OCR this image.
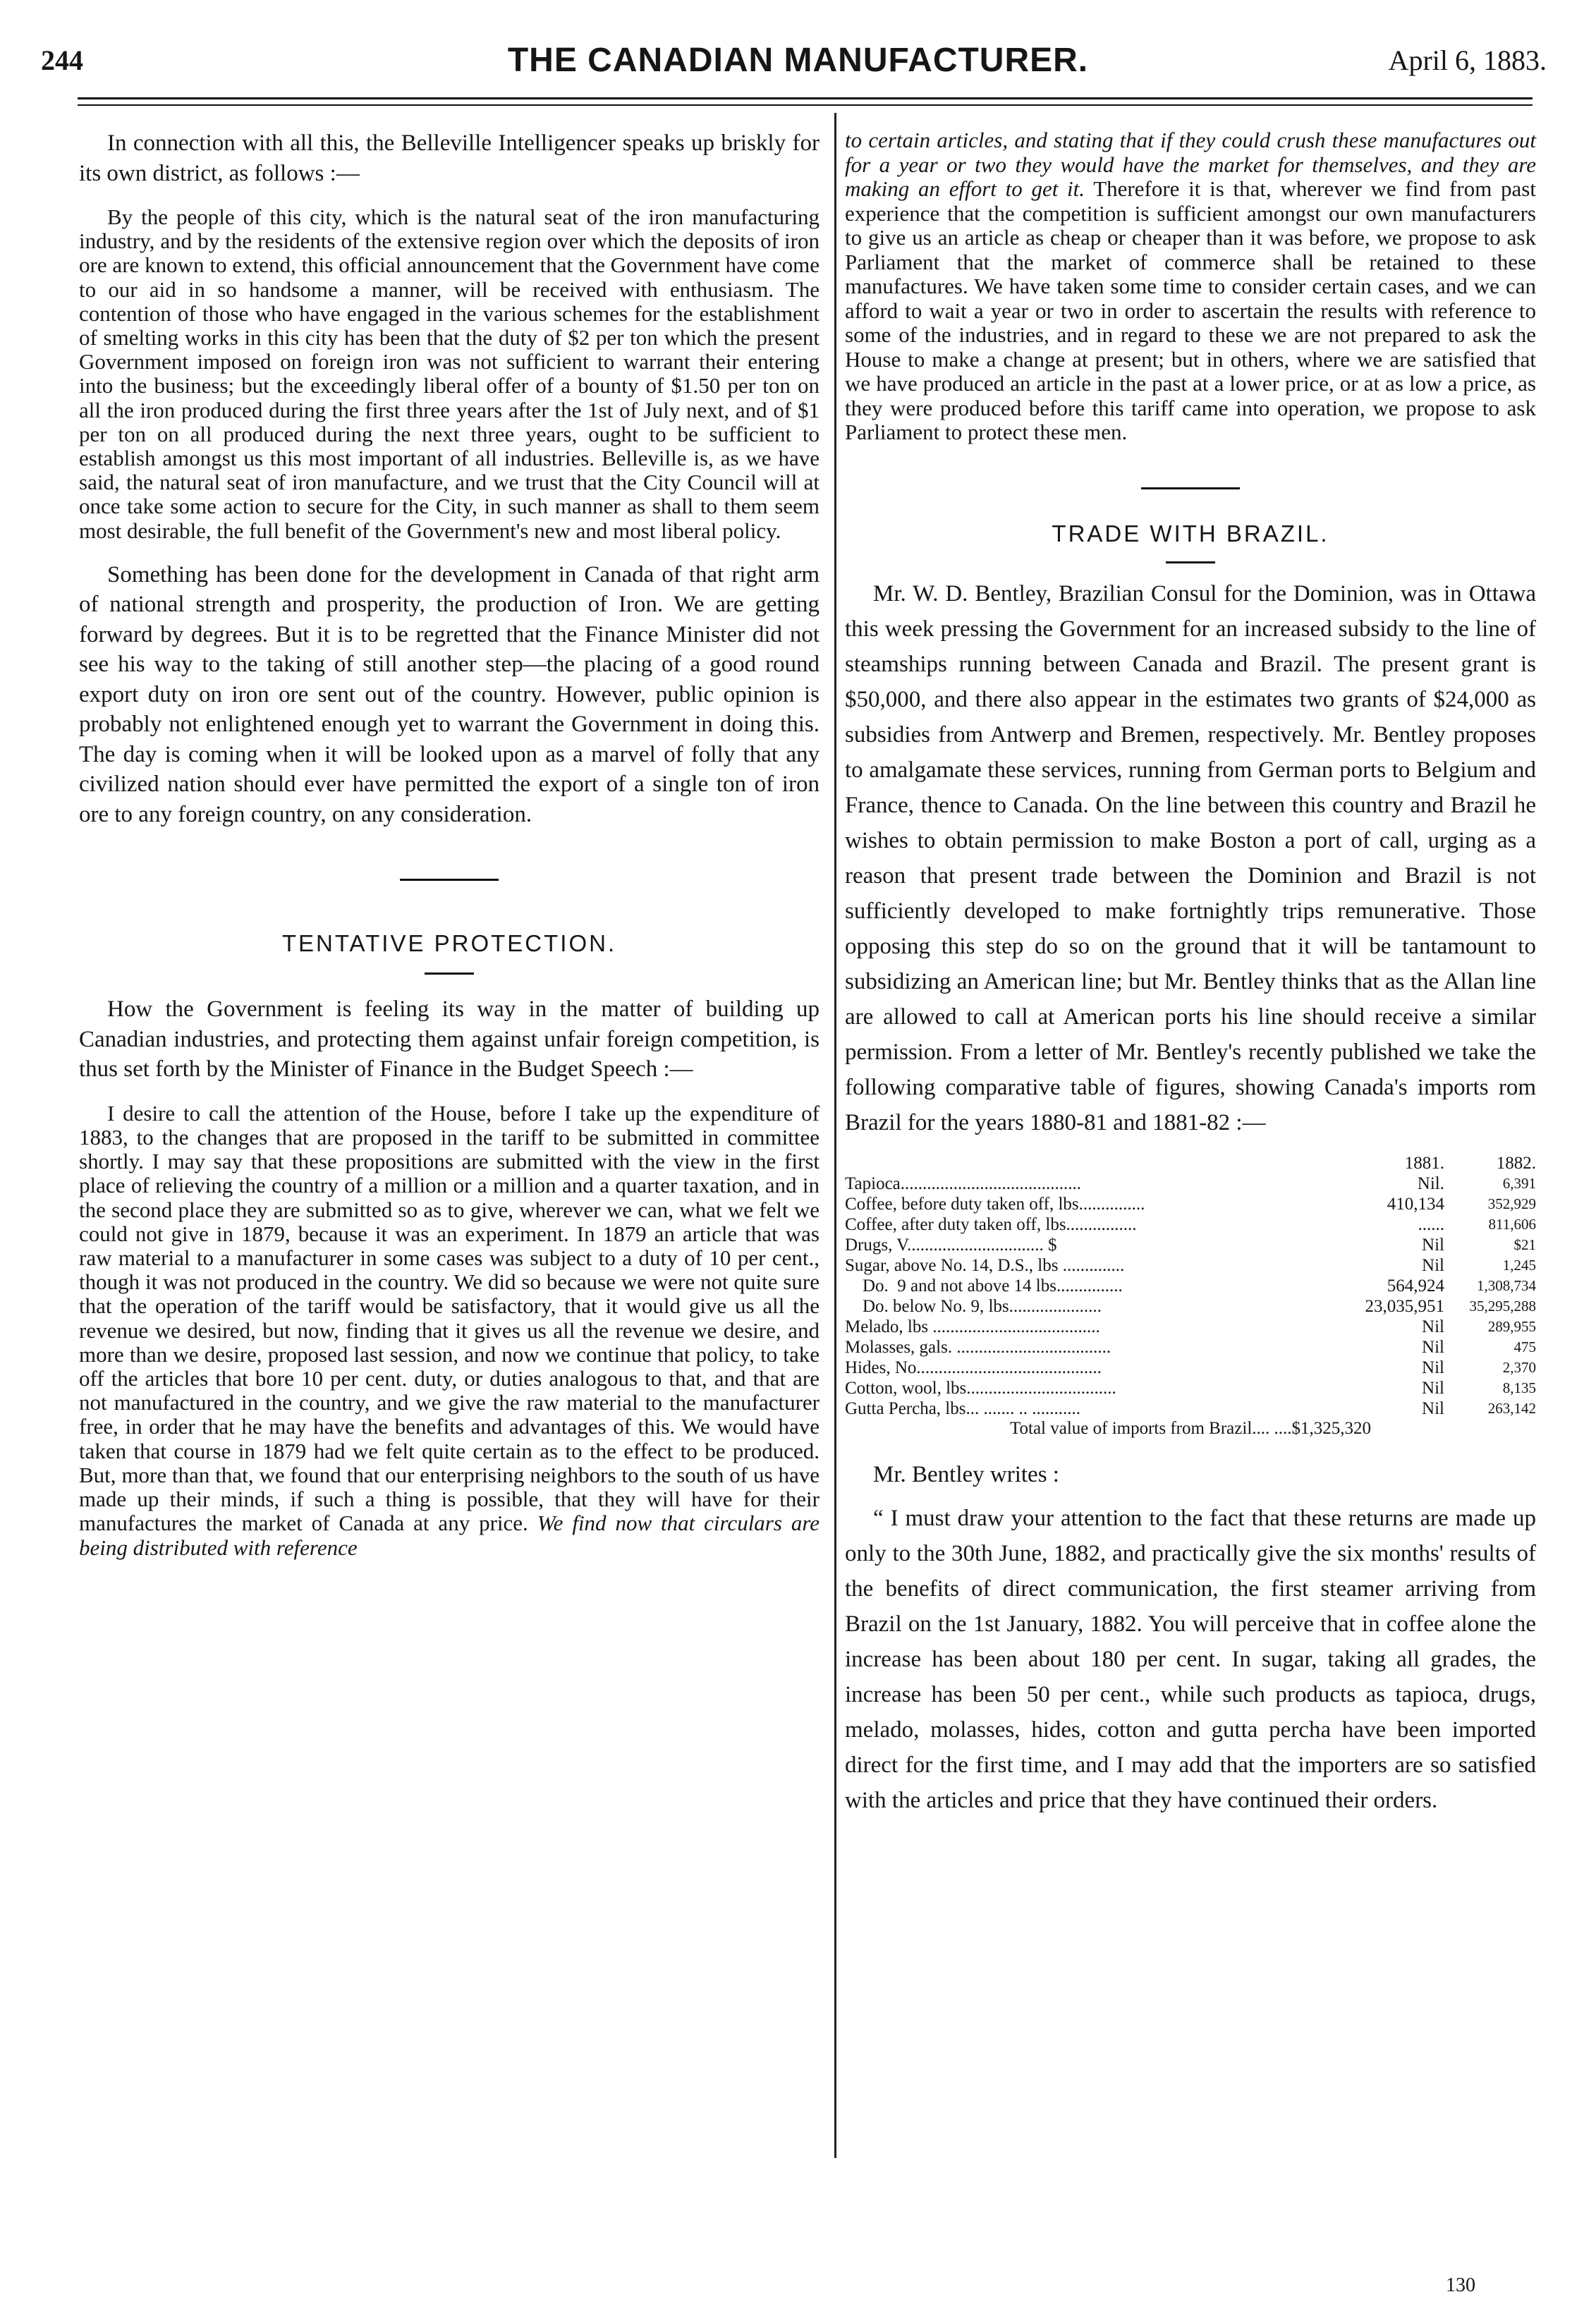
244	THE CANADIAN MANUFACTURER.	April 6, 1883.

In connection with all this, the Belleville Intelligencer speaks up briskly for its own district, as follows :—

By the people of this city, which is the natural seat of the iron manufacturing industry, and by the residents of the extensive region over which the deposits of iron ore are known to extend, this official announcement that the Government have come to our aid in so handsome a manner, will be received with enthusiasm. The contention of those who have engaged in the various schemes for the establishment of smelting works in this city has been that the duty of $2 per ton which the present Government imposed on foreign iron was not sufficient to warrant their entering into the business; but the exceedingly liberal offer of a bounty of $1.50 per ton on all the iron produced during the first three years after the 1st of July next, and of $1 per ton on all produced during the next three years, ought to be sufficient to establish amongst us this most important of all industries. Belleville is, as we have said, the natural seat of iron manufacture, and we trust that the City Council will at once take some action to secure for the City, in such manner as shall to them seem most desirable, the full benefit of the Government's new and most liberal policy.

Something has been done for the development in Canada of that right arm of national strength and prosperity, the production of Iron. We are getting forward by degrees. But it is to be regretted that the Finance Minister did not see his way to the taking of still another step—the placing of a good round export duty on iron ore sent out of the country. However, public opinion is probably not enlightened enough yet to warrant the Government in doing this. The day is coming when it will be looked upon as a marvel of folly that any civilized nation should ever have permitted the export of a single ton of iron ore to any foreign country, on any consideration.

TENTATIVE PROTECTION.

How the Government is feeling its way in the matter of building up Canadian industries, and protecting them against unfair foreign competition, is thus set forth by the Minister of Finance in the Budget Speech :—

I desire to call the attention of the House, before I take up the expenditure of 1883, to the changes that are proposed in the tariff to be submitted in committee shortly. I may say that these propositions are submitted with the view in the first place of relieving the country of a million or a million and a quarter taxation, and in the second place they are submitted so as to give, wherever we can, what we felt we could not give in 1879, because it was an experiment. In 1879 an article that was raw material to a manufacturer in some cases was subject to a duty of 10 per cent., though it was not produced in the country. We did so because we were not quite sure that the operation of the tariff would be satisfactory, that it would give us all the revenue we desired, but now, finding that it gives us all the revenue we desire, and more than we desire, proposed last session, and now we continue that policy, to take off the articles that bore 10 per cent. duty, or duties analogous to that, and that are not manufactured in the country, and we give the raw material to the manufacturer free, in order that he may have the benefits and advantages of this. We would have taken that course in 1879 had we felt quite certain as to the effect to be produced. But, more than that, we found that our enterprising neighbors to the south of us have made up their minds, if such a thing is possible, that they will have for their manufactures the market of Canada at any price. We find now that circulars are being distributed with reference

to certain articles, and stating that if they could crush these manufactures out for a year or two they would have the market for themselves, and they are making an effort to get it. Therefore it is that, wherever we find from past experience that the competition is sufficient amongst our own manufacturers to give us an article as cheap or cheaper than it was before, we propose to ask Parliament that the market of commerce shall be retained to these manufactures. We have taken some time to consider certain cases, and we can afford to wait a year or two in order to ascertain the results with reference to some of the industries, and in regard to these we are not prepared to ask the House to make a change at present; but in others, where we are satisfied that we have produced an article in the past at a lower price, or at as low a price, as they were produced before this tariff came into operation, we propose to ask Parliament to protect these men.

TRADE WITH BRAZIL.

Mr. W. D. Bentley, Brazilian Consul for the Dominion, was in Ottawa this week pressing the Government for an increased subsidy to the line of steamships running between Canada and Brazil. The present grant is $50,000, and there also appear in the estimates two grants of $24,000 as subsidies from Antwerp and Bremen, respectively. Mr. Bentley proposes to amalgamate these services, running from German ports to Belgium and France, thence to Canada. On the line between this country and Brazil he wishes to obtain permission to make Boston a port of call, urging as a reason that present trade between the Dominion and Brazil is not sufficiently developed to make fortnightly trips remunerative. Those opposing this step do so on the ground that it will be tantamount to subsidizing an American line; but Mr. Bentley thinks that as the Allan line are allowed to call at American ports his line should receive a similar permission. From a letter of Mr. Bentley's recently published we take the following comparative table of figures, showing Canada's imports rom Brazil for the years 1880-81 and 1881-82 :—

	1881.	1882.
Tapioca.........................................	Nil.	6,391
Coffee, before duty taken off, lbs...............	410,134	352,929
Coffee, after duty taken off, lbs................	......	811,606
Drugs, V............................... $	Nil	$21
Sugar, above No. 14, D.S., lbs ..............	Nil	1,245
Do.  9 and not above 14 lbs...............	564,924	1,308,734
Do. below No. 9, lbs.....................	23,035,951	35,295,288
Melado, lbs ......................................	Nil	289,955
Molasses, gals. ...................................	Nil	475
Hides, No..........................................	Nil	2,370
Cotton, wool, lbs..................................	Nil	8,135
Gutta Percha, lbs... ....... .. ...........	Nil	263,142
Total value of imports from Brazil.... ....$1,325,320

Mr. Bentley writes :

“ I must draw your attention to the fact that these returns are made up only to the 30th June, 1882, and practically give the six months' results of the benefits of direct communication, the first steamer arriving from Brazil on the 1st January, 1882. You will perceive that in coffee alone the increase has been about 180 per cent. In sugar, taking all grades, the increase has been 50 per cent., while such products as tapioca, drugs, melado, molasses, hides, cotton and gutta percha have been imported direct for the first time, and I may add that the importers are so satisfied with the articles and price that they have continued their orders.

130
